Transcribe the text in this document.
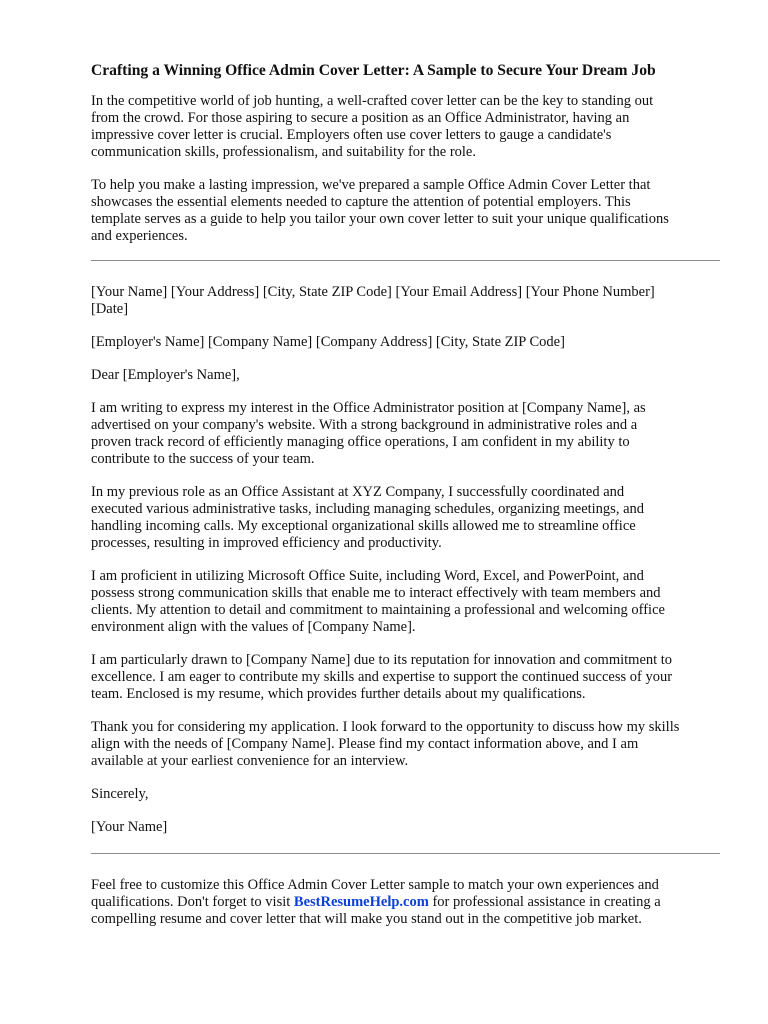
Crafting a Winning Office Admin Cover Letter: A Sample to Secure Your Dream Job

In the competitive world of job hunting, a well-crafted cover letter can be the key to standing out
from the crowd. For those aspiring to secure a position as an Office Administrator, having an
impressive cover letter is crucial. Employers often use cover letters to gauge a candidate's
communication skills, professionalism, and suitability for the role.

To help you make a lasting impression, we've prepared a sample Office Admin Cover Letter that
showcases the essential elements needed to capture the attention of potential employers. This
template serves as a guide to help you tailor your own cover letter to suit your unique qualifications
and experiences.

[Your Name] [Your Address] [City, State ZIP Code] [Your Email Address] [Your Phone Number]
[Date]

[Employer's Name] [Company Name] [Company Address] [City, State ZIP Code]

Dear [Employer's Name],

I am writing to express my interest in the Office Administrator position at [Company Name], as
advertised on your company's website. With a strong background in administrative roles and a
proven track record of efficiently managing office operations, I am confident in my ability to
contribute to the success of your team.

In my previous role as an Office Assistant at XYZ Company, I successfully coordinated and
executed various administrative tasks, including managing schedules, organizing meetings, and
handling incoming calls. My exceptional organizational skills allowed me to streamline office
processes, resulting in improved efficiency and productivity.

I am proficient in utilizing Microsoft Office Suite, including Word, Excel, and PowerPoint, and
possess strong communication skills that enable me to interact effectively with team members and
clients. My attention to detail and commitment to maintaining a professional and welcoming office
environment align with the values of [Company Name].

I am particularly drawn to [Company Name] due to its reputation for innovation and commitment to
excellence. I am eager to contribute my skills and expertise to support the continued success of your
team. Enclosed is my resume, which provides further details about my qualifications.

Thank you for considering my application. I look forward to the opportunity to discuss how my skills
align with the needs of [Company Name]. Please find my contact information above, and I am
available at your earliest convenience for an interview.

Sincerely,

[Your Name]

Feel free to customize this Office Admin Cover Letter sample to match your own experiences and
qualifications. Don't forget to visit BestResumeHelp.com for professional assistance in creating a
compelling resume and cover letter that will make you stand out in the competitive job market.
